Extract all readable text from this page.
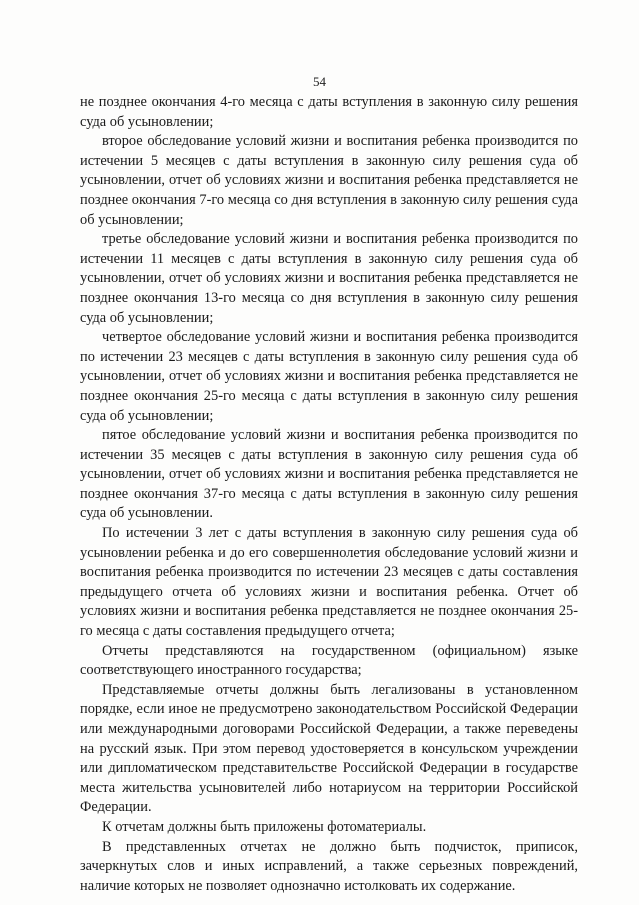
54

не позднее окончания 4-го месяца с даты вступления в законную силу решения суда об усыновлении;

второе обследование условий жизни и воспитания ребенка производится по истечении 5 месяцев с даты вступления в законную силу решения суда об усыновлении, отчет об условиях жизни и воспитания ребенка представляется не позднее окончания 7-го месяца со дня вступления в законную силу решения суда об усыновлении;

третье обследование условий жизни и воспитания ребенка производится по истечении 11 месяцев с даты вступления в законную силу решения суда об усыновлении, отчет об условиях жизни и воспитания ребенка представляется не позднее окончания 13-го месяца со дня вступления в законную силу решения суда об усыновлении;

четвертое обследование условий жизни и воспитания ребенка производится по истечении 23 месяцев с даты вступления в законную силу решения суда об усыновлении, отчет об условиях жизни и воспитания ребенка представляется не позднее окончания 25-го месяца с даты вступления в законную силу решения суда об усыновлении;

пятое обследование условий жизни и воспитания ребенка производится по истечении 35 месяцев с даты вступления в законную силу решения суда об усыновлении, отчет об условиях жизни и воспитания ребенка представляется не позднее окончания 37-го месяца с даты вступления в законную силу решения суда об усыновлении.

По истечении 3 лет с даты вступления в законную силу решения суда об усыновлении ребенка и до его совершеннолетия обследование условий жизни и воспитания ребенка производится по истечении 23 месяцев с даты составления предыдущего отчета об условиях жизни и воспитания ребенка. Отчет об условиях жизни и воспитания ребенка представляется не позднее окончания 25-го месяца с даты составления предыдущего отчета;

Отчеты представляются на государственном (официальном) языке соответствующего иностранного государства;

Представляемые отчеты должны быть легализованы в установленном порядке, если иное не предусмотрено законодательством Российской Федерации или международными договорами Российской Федерации, а также переведены на русский язык. При этом перевод удостоверяется в консульском учреждении или дипломатическом представительстве Российской Федерации в государстве места жительства усыновителей либо нотариусом на территории Российской Федерации.

К отчетам должны быть приложены фотоматериалы.

В представленных отчетах не должно быть подчисток, приписок, зачеркнутых слов и иных исправлений, а также серьезных повреждений, наличие которых не позволяет однозначно истолковать их содержание.
